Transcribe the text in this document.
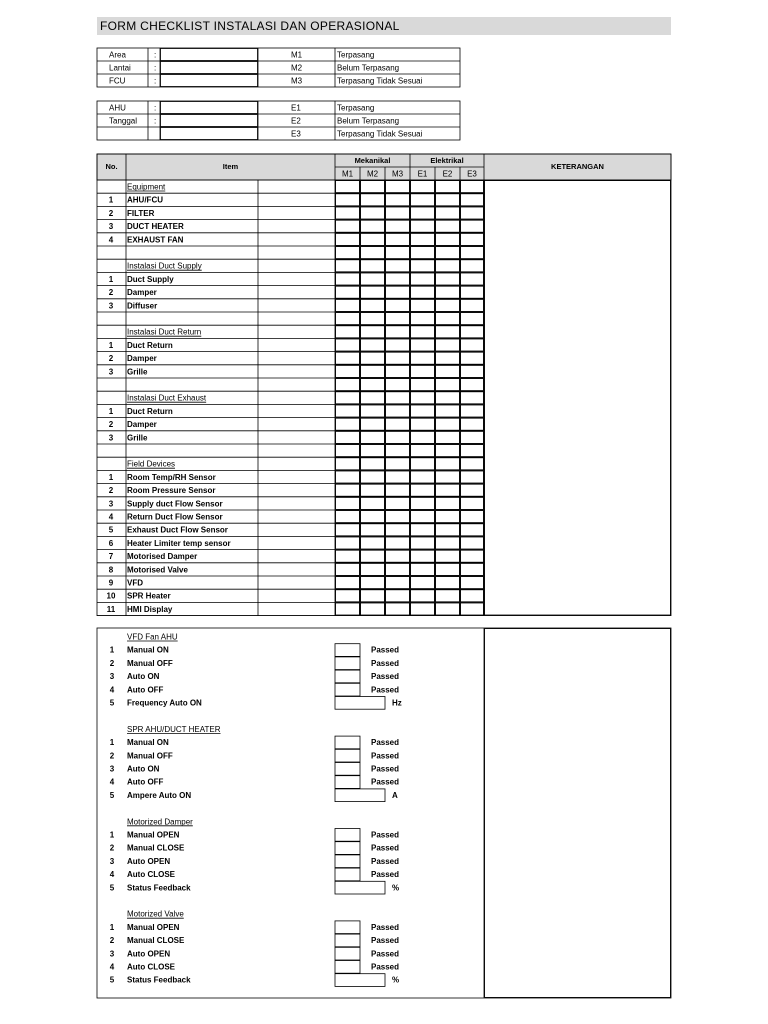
FORM CHECKLIST INSTALASI DAN OPERASIONAL
Area	:
Lantai	:
FCU	:
M1	Terpasang
M2	Belum Terpasang
M3	Terpasang Tidak Sesuai
AHU	:
Tanggal :
E1	Terpasang
E2	Belum Terpasang
E3	Terpasang Tidak Sesuai
No.	Item
Mekanikal	Elektrikal
KETERANGAN
M1 M2 M3 E1 E2 E3
Equipment
1 AHU/FCU
2 FILTER
3 DUCT HEATER
4 EXHAUST FAN
Instalasi Duct Supply
1 Duct Supply
2 Damper
3 Diffuser
Instalasi Duct Return
1 Duct Return
2 Damper
3 Grille
Instalasi Duct Exhaust
1 Duct Return
2 Damper
3 Grille
Field Devices
1 Room Temp/RH Sensor
2 Room Pressure Sensor
3 Supply duct Flow Sensor
4 Return Duct Flow Sensor
5 Exhaust Duct Flow Sensor
6 Heater Limiter temp sensor
7 Motorised Damper
8 Motorised Valve
9 VFD
10 SPR Heater
11 HMI Display
VFD Fan AHU
1 Manual ON	Passed
2 Manual OFF	Passed
3 Auto ON	Passed
4 Auto OFF	Passed
5 Frequency Auto ON	Hz
SPR AHU/DUCT HEATER
1 Manual ON	Passed
2 Manual OFF	Passed
3 Auto ON	Passed
4 Auto OFF	Passed
5 Ampere Auto ON	A
Motorized Damper
1 Manual OPEN	Passed
2 Manual CLOSE	Passed
3 Auto OPEN	Passed
4 Auto CLOSE	Passed
5 Status Feedback	%
Motorized Valve
1 Manual OPEN	Passed
2 Manual CLOSE	Passed
3 Auto OPEN	Passed
4 Auto CLOSE	Passed
5 Status Feedback	%
